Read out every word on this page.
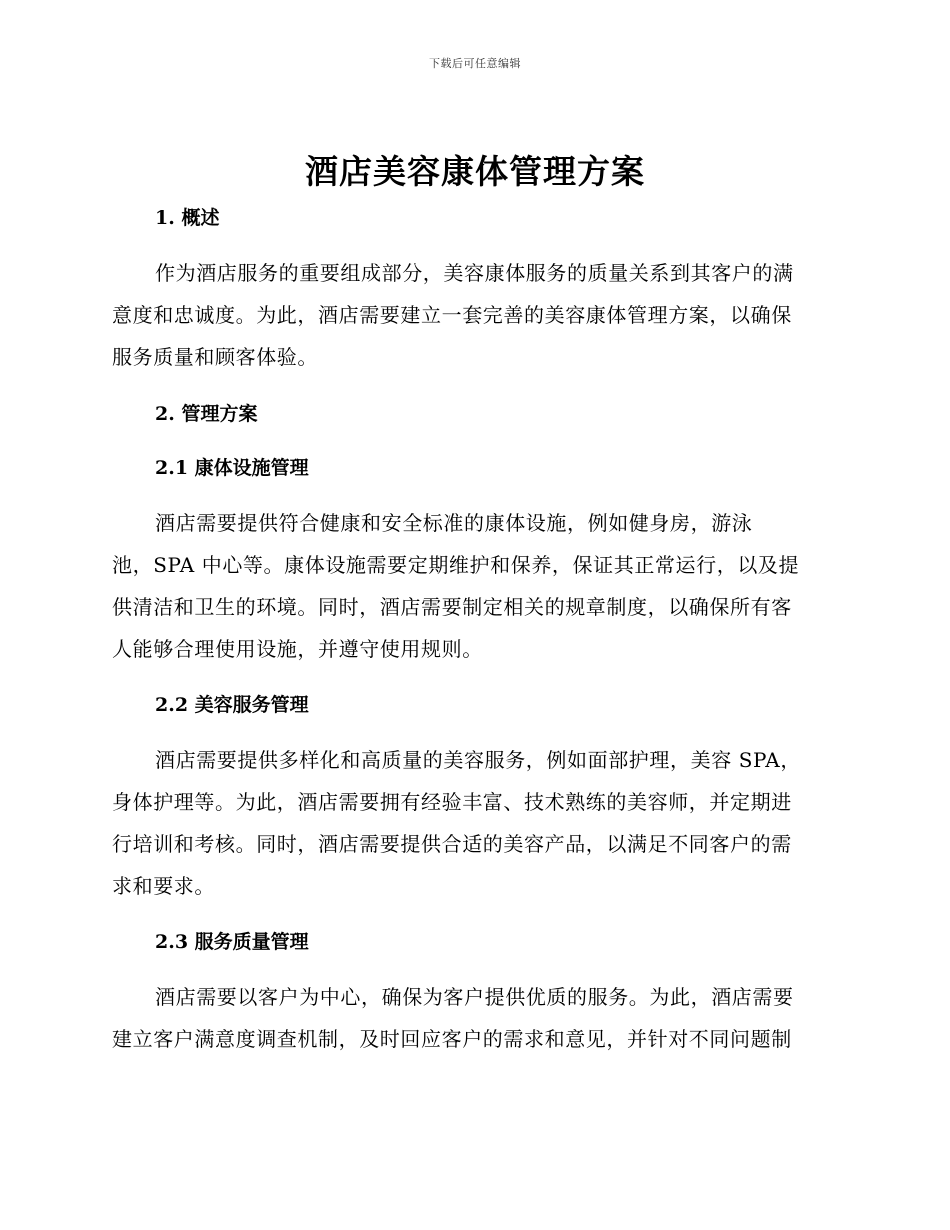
下载后可任意编辑
酒店美容康体管理方案
1. 概述
作为酒店服务的重要组成部分，美容康体服务的质量关系到其客户的满
意度和忠诚度。为此，酒店需要建立一套完善的美容康体管理方案，以确保
服务质量和顾客体验。
2. 管理方案
2.1 康体设施管理
酒店需要提供符合健康和安全标准的康体设施，例如健身房，游泳
池，SPA 中心等。康体设施需要定期维护和保养，保证其正常运行，以及提
供清洁和卫生的环境。同时，酒店需要制定相关的规章制度，以确保所有客
人能够合理使用设施，并遵守使用规则。
2.2 美容服务管理
酒店需要提供多样化和高质量的美容服务，例如面部护理，美容 SPA，
身体护理等。为此，酒店需要拥有经验丰富、技术熟练的美容师，并定期进
行培训和考核。同时，酒店需要提供合适的美容产品，以满足不同客户的需
求和要求。
2.3 服务质量管理
酒店需要以客户为中心，确保为客户提供优质的服务。为此，酒店需要
建立客户满意度调查机制，及时回应客户的需求和意见，并针对不同问题制
